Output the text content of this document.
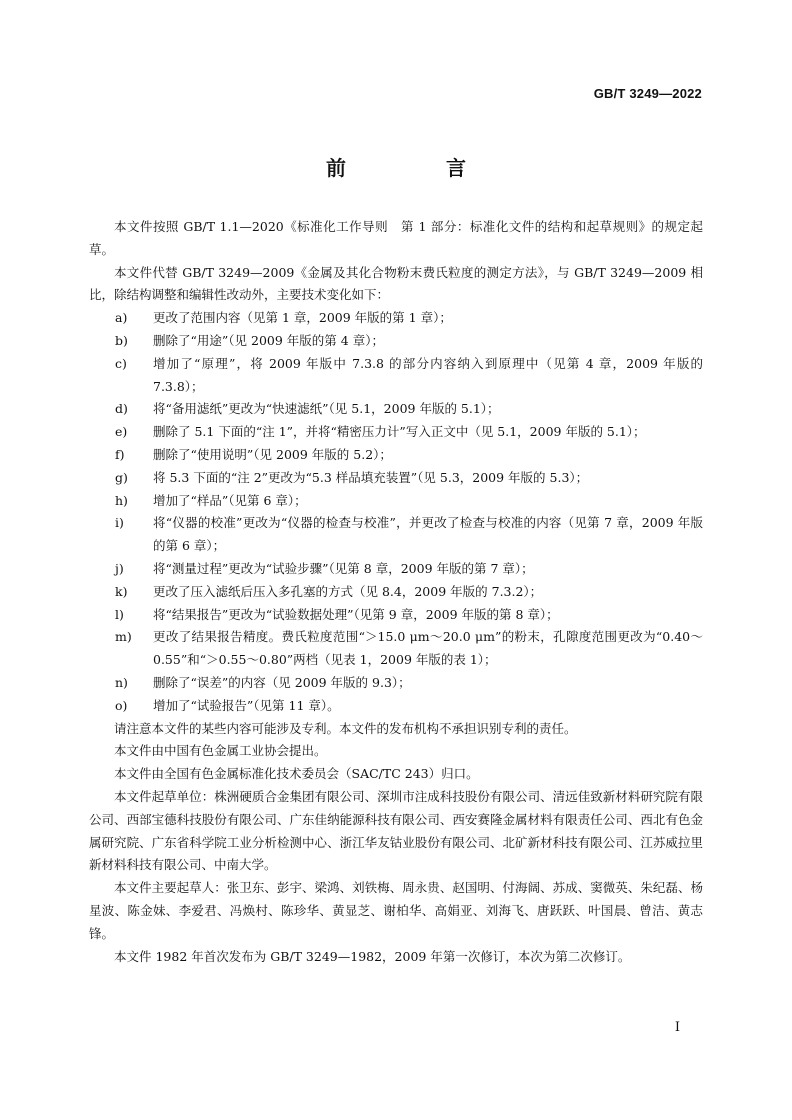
GB/T 3249—2022
前　言

本文件按照 GB/T 1.1—2020《标准化工作导则　第 1 部分：标准化文件的结构和起草规则》的规定起草。

本文件代替 GB/T 3249—2009《金属及其化合物粉末费氏粒度的测定方法》，与 GB/T 3249—2009 相比，除结构调整和编辑性改动外，主要技术变化如下：

a)	更改了范围内容（见第 1 章，2009 年版的第 1 章）；
b)	删除了“用途”（见 2009 年版的第 4 章）；
c)	增加了“原理”，将 2009 年版中 7.3.8 的部分内容纳入到原理中（见第 4 章，2009 年版的 7.3.8）；
d)	将“备用滤纸”更改为“快速滤纸”（见 5.1，2009 年版的 5.1）；
e)	删除了 5.1 下面的“注 1”，并将“精密压力计”写入正文中（见 5.1，2009 年版的 5.1）；
f)	删除了“使用说明”（见 2009 年版的 5.2）；
g)	将 5.3 下面的“注 2”更改为“5.3 样品填充装置”（见 5.3，2009 年版的 5.3）；
h)	增加了“样品”（见第 6 章）；
i)	将“仪器的校准”更改为“仪器的检查与校准”，并更改了检查与校准的内容（见第 7 章，2009 年版的第 6 章）；
j)	将“测量过程”更改为“试验步骤”（见第 8 章，2009 年版的第 7 章）；
k)	更改了压入滤纸后压入多孔塞的方式（见 8.4，2009 年版的 7.3.2）；
l)	将“结果报告”更改为“试验数据处理”（见第 9 章，2009 年版的第 8 章）；
m)	更改了结果报告精度。费氏粒度范围“＞15.0 μm～20.0 μm”的粉末，孔隙度范围更改为“0.40～0.55”和“＞0.55～0.80”两档（见表 1，2009 年版的表 1）；
n)	删除了“误差”的内容（见 2009 年版的 9.3）；
o)	增加了“试验报告”（见第 11 章）。

请注意本文件的某些内容可能涉及专利。本文件的发布机构不承担识别专利的责任。

本文件由中国有色金属工业协会提出。

本文件由全国有色金属标准化技术委员会（SAC/TC 243）归口。

本文件起草单位：株洲硬质合金集团有限公司、深圳市注成科技股份有限公司、清远佳致新材料研究院有限公司、西部宝德科技股份有限公司、广东佳纳能源科技有限公司、西安赛隆金属材料有限责任公司、西北有色金属研究院、广东省科学院工业分析检测中心、浙江华友钴业股份有限公司、北矿新材科技有限公司、江苏威拉里新材料科技有限公司、中南大学。

本文件主要起草人：张卫东、彭宇、梁鸿、刘铁梅、周永贵、赵国明、付海阔、苏成、窦微英、朱纪磊、杨星波、陈金妹、李爱君、冯焕村、陈珍华、黄显芝、谢柏华、高娟亚、刘海飞、唐跃跃、叶国晨、曾洁、黄志锋。

本文件 1982 年首次发布为 GB/T 3249—1982，2009 年第一次修订，本次为第二次修订。

I
